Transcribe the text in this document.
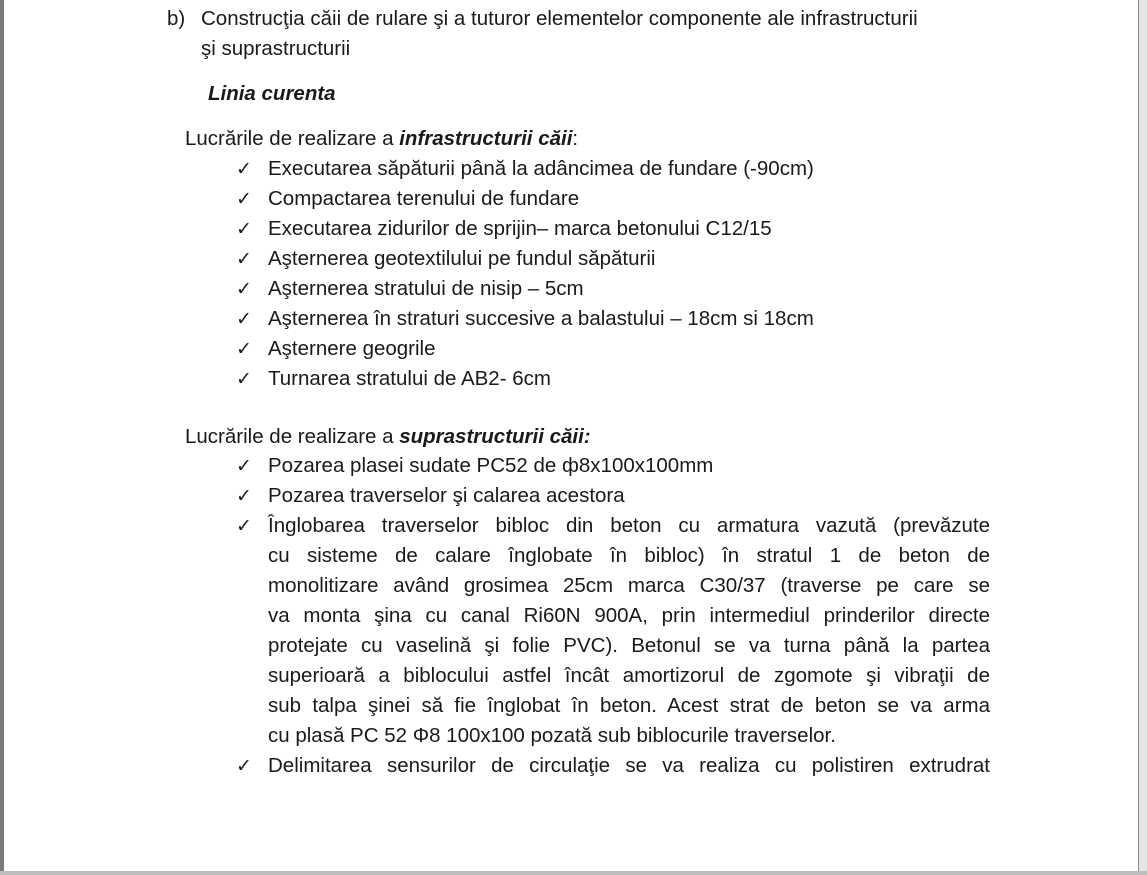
b) Construcţia căii de rulare şi a tuturor elementelor componente ale infrastructurii
şi suprastructurii
Linia curenta
Lucrările de realizare a infrastructurii căii:
✓ Executarea săpăturii până la adâncimea de fundare (-90cm)
✓ Compactarea terenului de fundare
✓ Executarea zidurilor de sprijin– marca betonului C12/15
✓ Aşternerea geotextilului pe fundul săpăturii
✓ Aşternerea stratului de nisip – 5cm
✓ Aşternerea în straturi succesive a balastului – 18cm si 18cm
✓ Aşternere geogrile
✓ Turnarea stratului de AB2- 6cm
Lucrările de realizare a suprastructurii căii:
✓ Pozarea plasei sudate PC52 de ф8x100x100mm
✓ Pozarea traverselor şi calarea acestora
✓ Înglobarea traverselor bibloc din beton cu armatura vazută (prevăzute
cu sisteme de calare înglobate în bibloc) în stratul 1 de beton de
monolitizare având grosimea 25cm marca C30/37 (traverse pe care se
va monta şina cu canal Ri60N 900A, prin intermediul prinderilor directe
protejate cu vaselină şi folie PVC). Betonul se va turna până la partea
superioară a biblocului astfel încât amortizorul de zgomote şi vibraţii de
sub talpa şinei să fie înglobat în beton. Acest strat de beton se va arma
cu plasă PC 52 Φ8 100x100 pozată sub biblocurile traverselor.
✓ Delimitarea sensurilor de circulaţie se va realiza cu polistiren extrudrat
